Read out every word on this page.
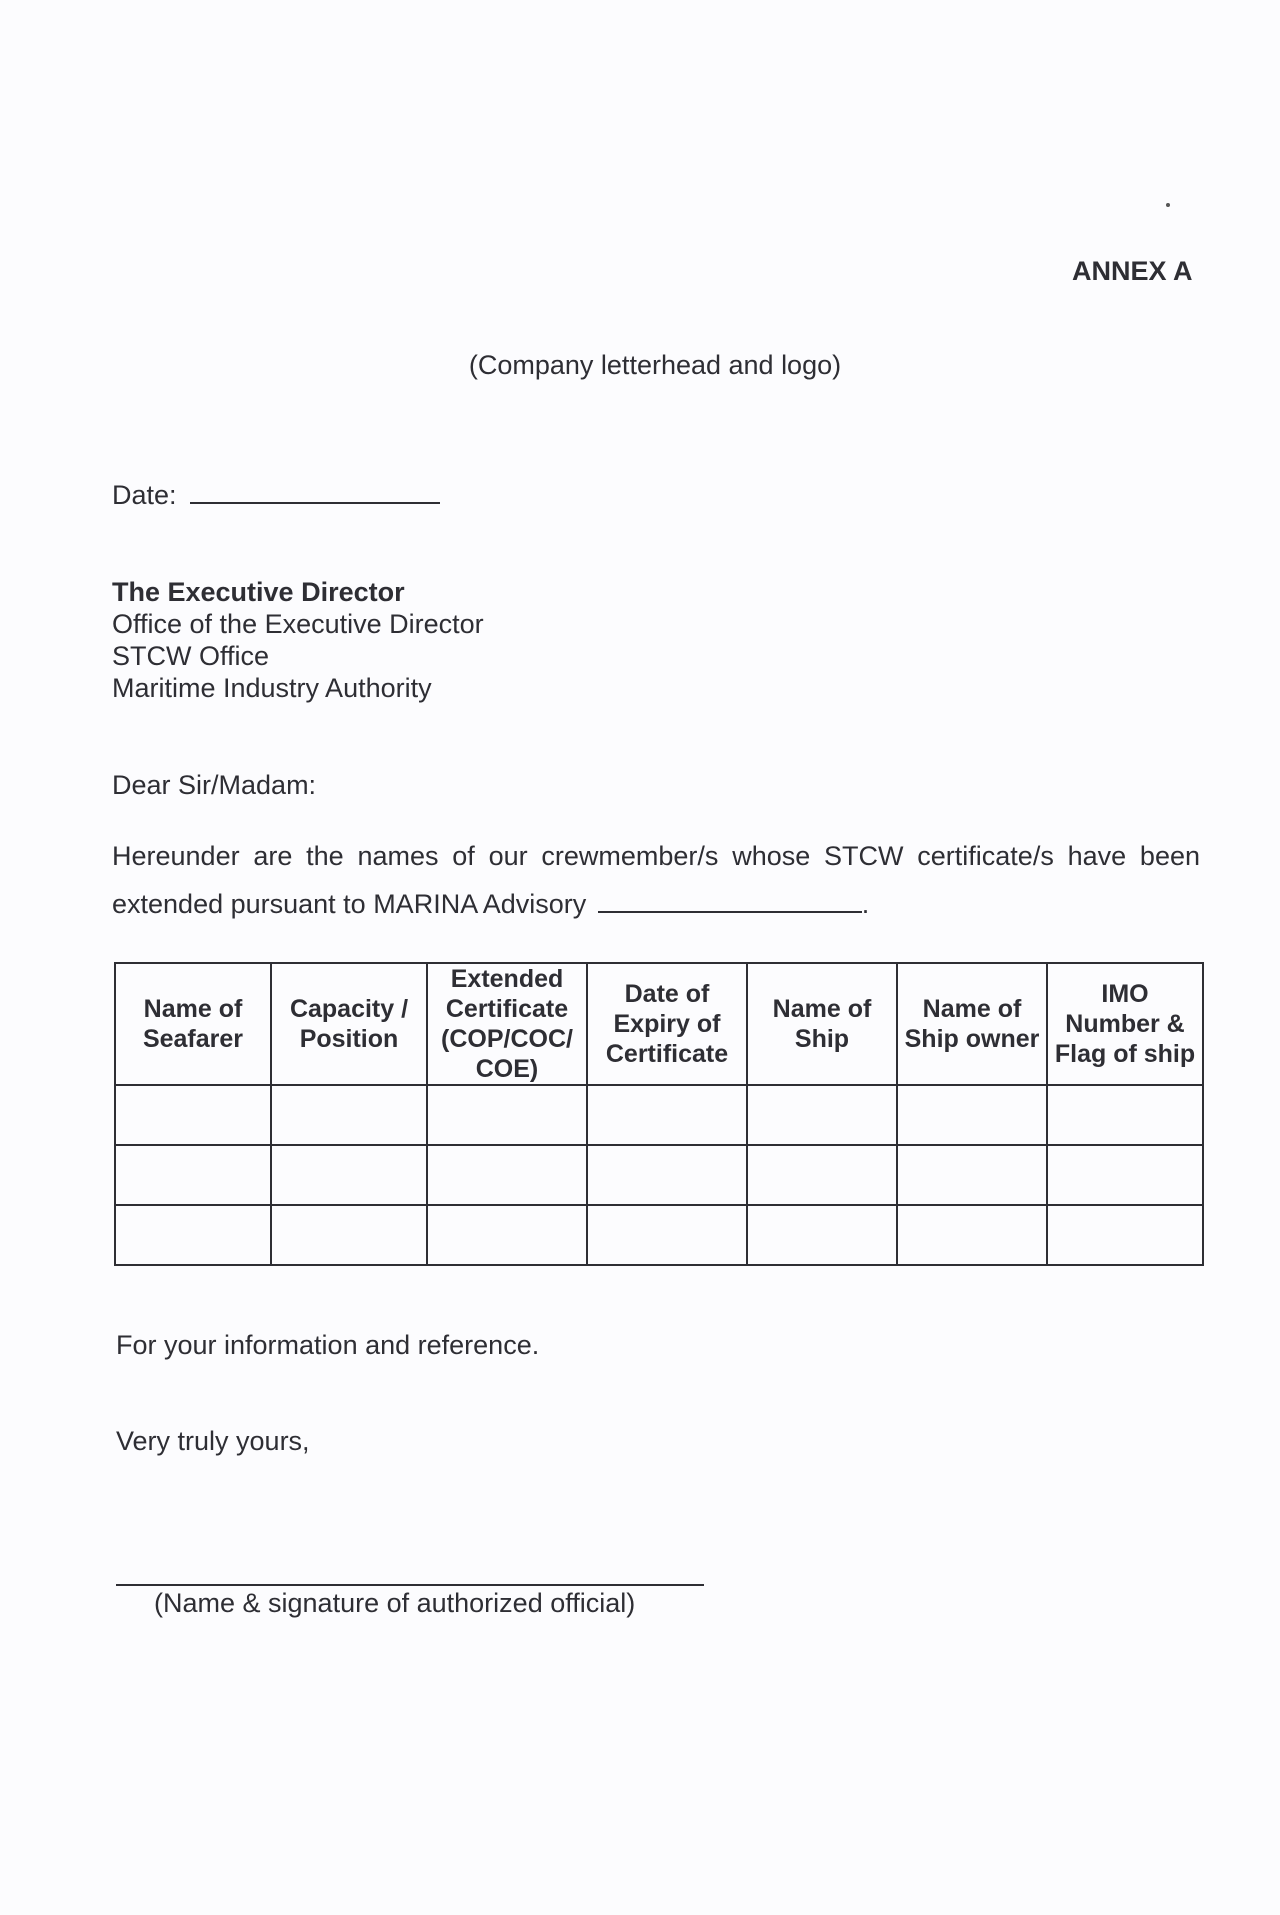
ANNEX A
(Company letterhead and logo)
Date:
The Executive Director
Office of the Executive Director
STCW Office
Maritime Industry Authority
Dear Sir/Madam:
Hereunder are the names of our crewmember/s whose STCW certificate/s have been extended pursuant to MARINA Advisory	.
Name of Seafarer	Capacity / Position	Extended Certificate (COP/COC/ COE)	Date of Expiry of Certificate	Name of Ship	Name of Ship owner	IMO Number & Flag of ship

For your information and reference.
Very truly yours,
(Name & signature of authorized official)
